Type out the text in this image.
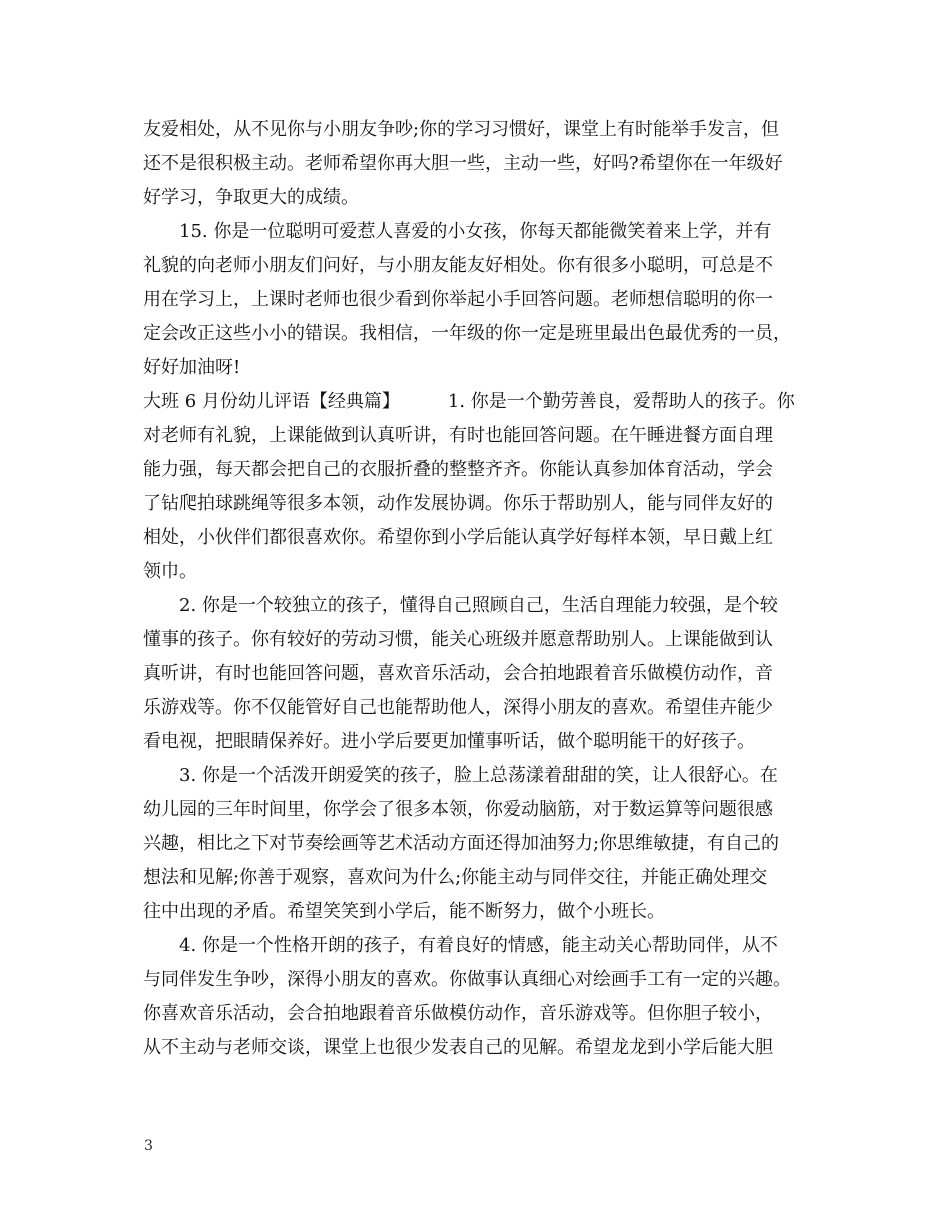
友爱相处，从不见你与小朋友争吵;你的学习习惯好，课堂上有时能举手发言，但
还不是很积极主动。老师希望你再大胆一些，主动一些，好吗?希望你在一年级好
好学习，争取更大的成绩。
15. 你是一位聪明可爱惹人喜爱的小女孩，你每天都能微笑着来上学，并有
礼貌的向老师小朋友们问好，与小朋友能友好相处。你有很多小聪明，可总是不
用在学习上，上课时老师也很少看到你举起小手回答问题。老师想信聪明的你一
定会改正这些小小的错误。我相信，一年级的你一定是班里最出色最优秀的一员，
好好加油呀!
大班 6 月份幼儿评语【经典篇】	1. 你是一个勤劳善良，爱帮助人的孩子。你
对老师有礼貌，上课能做到认真听讲，有时也能回答问题。在午睡进餐方面自理
能力强，每天都会把自己的衣服折叠的整整齐齐。你能认真参加体育活动，学会
了钻爬拍球跳绳等很多本领，动作发展协调。你乐于帮助别人，能与同伴友好的
相处，小伙伴们都很喜欢你。希望你到小学后能认真学好每样本领，早日戴上红
领巾。
2. 你是一个较独立的孩子，懂得自己照顾自己，生活自理能力较强，是个较
懂事的孩子。你有较好的劳动习惯，能关心班级并愿意帮助别人。上课能做到认
真听讲，有时也能回答问题，喜欢音乐活动，会合拍地跟着音乐做模仿动作，音
乐游戏等。你不仅能管好自己也能帮助他人，深得小朋友的喜欢。希望佳卉能少
看电视，把眼睛保养好。进小学后要更加懂事听话，做个聪明能干的好孩子。
3. 你是一个活泼开朗爱笑的孩子，脸上总荡漾着甜甜的笑，让人很舒心。在
幼儿园的三年时间里，你学会了很多本领，你爱动脑筋，对于数运算等问题很感
兴趣，相比之下对节奏绘画等艺术活动方面还得加油努力;你思维敏捷，有自己的
想法和见解;你善于观察，喜欢问为什么;你能主动与同伴交往，并能正确处理交
往中出现的矛盾。希望笑笑到小学后，能不断努力，做个小班长。
4. 你是一个性格开朗的孩子，有着良好的情感，能主动关心帮助同伴，从不
与同伴发生争吵，深得小朋友的喜欢。你做事认真细心对绘画手工有一定的兴趣。
你喜欢音乐活动，会合拍地跟着音乐做模仿动作，音乐游戏等。但你胆子较小，
从不主动与老师交谈，课堂上也很少发表自己的见解。希望龙龙到小学后能大胆
3
